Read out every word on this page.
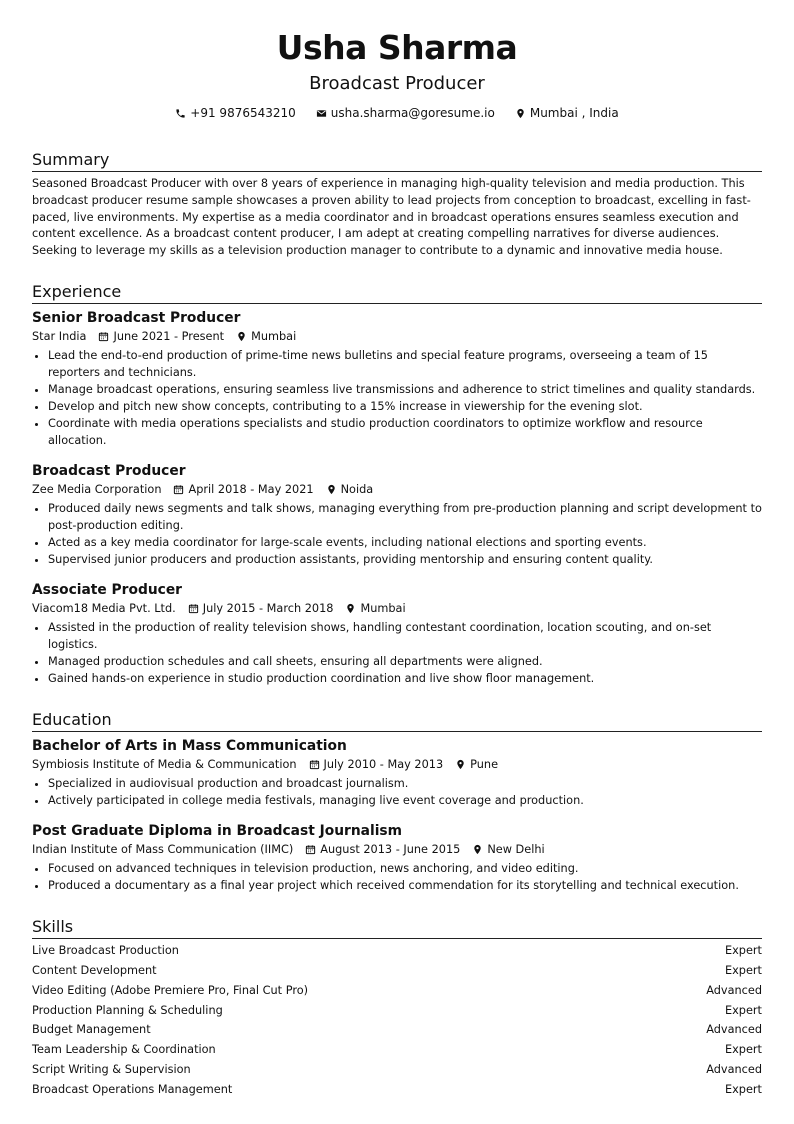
Usha Sharma
Broadcast Producer
+91 9876543210	usha.sharma@goresume.io	Mumbai , India
Summary
Seasoned Broadcast Producer with over 8 years of experience in managing high-quality television and media production. This broadcast producer resume sample showcases a proven ability to lead projects from conception to broadcast, excelling in fast-paced, live environments. My expertise as a media coordinator and in broadcast operations ensures seamless execution and content excellence. As a broadcast content producer, I am adept at creating compelling narratives for diverse audiences. Seeking to leverage my skills as a television production manager to contribute to a dynamic and innovative media house.
Experience
Senior Broadcast Producer
Star India June 2021 - Present Mumbai
• Lead the end-to-end production of prime-time news bulletins and special feature programs, overseeing a team of 15 reporters and technicians.
• Manage broadcast operations, ensuring seamless live transmissions and adherence to strict timelines and quality standards.
• Develop and pitch new show concepts, contributing to a 15% increase in viewership for the evening slot.
• Coordinate with media operations specialists and studio production coordinators to optimize workflow and resource allocation.
Broadcast Producer
Zee Media Corporation April 2018 - May 2021 Noida
• Produced daily news segments and talk shows, managing everything from pre-production planning and script development to post-production editing.
• Acted as a key media coordinator for large-scale events, including national elections and sporting events.
• Supervised junior producers and production assistants, providing mentorship and ensuring content quality.
Associate Producer
Viacom18 Media Pvt. Ltd. July 2015 - March 2018 Mumbai
• Assisted in the production of reality television shows, handling contestant coordination, location scouting, and on-set logistics.
• Managed production schedules and call sheets, ensuring all departments were aligned.
• Gained hands-on experience in studio production coordination and live show floor management.
Education
Bachelor of Arts in Mass Communication
Symbiosis Institute of Media & Communication July 2010 - May 2013 Pune
• Specialized in audiovisual production and broadcast journalism.
• Actively participated in college media festivals, managing live event coverage and production.
Post Graduate Diploma in Broadcast Journalism
Indian Institute of Mass Communication (IIMC) August 2013 - June 2015 New Delhi
• Focused on advanced techniques in television production, news anchoring, and video editing.
• Produced a documentary as a final year project which received commendation for its storytelling and technical execution.
Skills
Live Broadcast Production	Expert
Content Development	Expert
Video Editing (Adobe Premiere Pro, Final Cut Pro)	Advanced
Production Planning & Scheduling	Expert
Budget Management	Advanced
Team Leadership & Coordination	Expert
Script Writing & Supervision	Advanced
Broadcast Operations Management	Expert
